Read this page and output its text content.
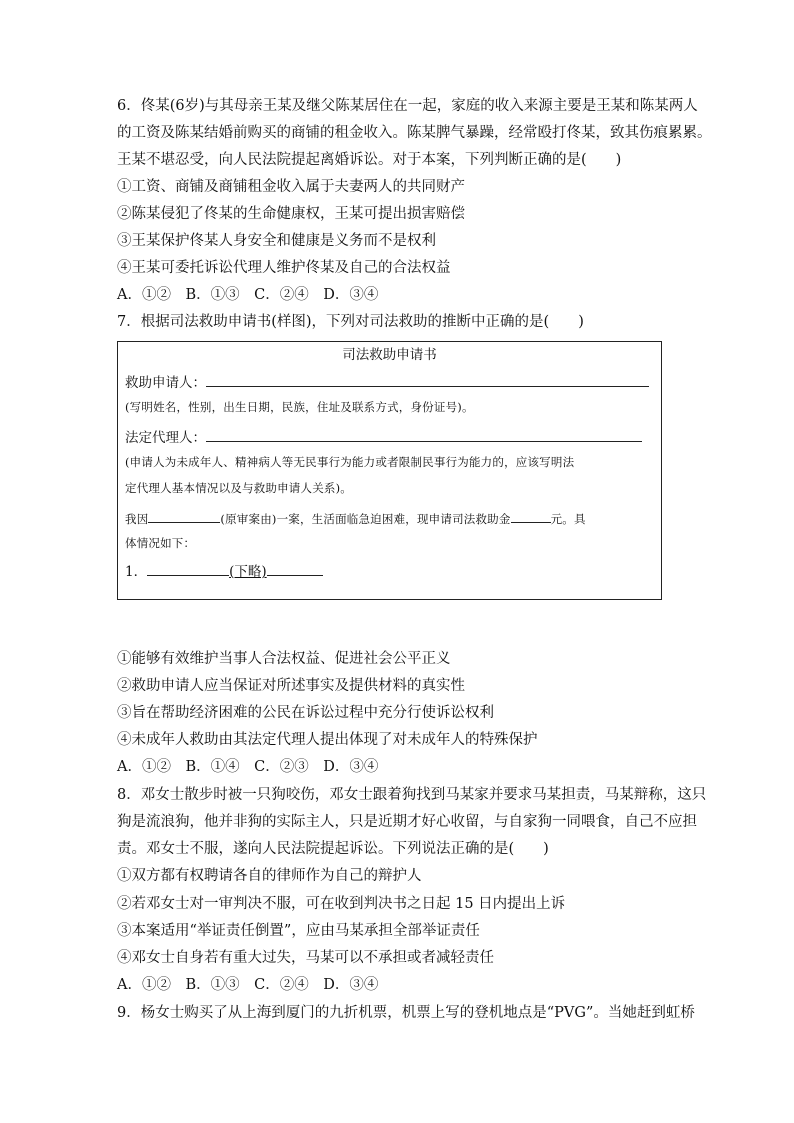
6．佟某(6岁)与其母亲王某及继父陈某居住在一起，家庭的收入来源主要是王某和陈某两人
的工资及陈某结婚前购买的商铺的租金收入。陈某脾气暴躁，经常殴打佟某，致其伤痕累累。
王某不堪忍受，向人民法院提起离婚诉讼。对于本案，下列判断正确的是(　　)
①工资、商铺及商铺租金收入属于夫妻两人的共同财产
②陈某侵犯了佟某的生命健康权，王某可提出损害赔偿
③王某保护佟某人身安全和健康是义务而不是权利
④王某可委托诉讼代理人维护佟某及自己的合法权益
A．①②　B．①③　C．②④　D．③④
7．根据司法救助申请书(样图)，下列对司法救助的推断中正确的是(　　)
司法救助申请书
救助申请人：
(写明姓名，性别，出生日期，民族，住址及联系方式，身份证号)。
法定代理人：
(申请人为未成年人、精神病人等无民事行为能力或者限制民事行为能力的，应该写明法
定代理人基本情况以及与救助申请人关系)。
我因	(原审案由)一案，生活面临急迫困难，现申请司法救助金	元。具
体情况如下：
1．	(下略)
①能够有效维护当事人合法权益、促进社会公平正义
②救助申请人应当保证对所述事实及提供材料的真实性
③旨在帮助经济困难的公民在诉讼过程中充分行使诉讼权利
④未成年人救助由其法定代理人提出体现了对未成年人的特殊保护
A．①②　B．①④　C．②③　D．③④
8．邓女士散步时被一只狗咬伤，邓女士跟着狗找到马某家并要求马某担责，马某辩称，这只
狗是流浪狗，他并非狗的实际主人，只是近期才好心收留，与自家狗一同喂食，自己不应担
责。邓女士不服，遂向人民法院提起诉讼。下列说法正确的是(　　)
①双方都有权聘请各自的律师作为自己的辩护人
②若邓女士对一审判决不服，可在收到判决书之日起 15 日内提出上诉
③本案适用“举证责任倒置”，应由马某承担全部举证责任
④邓女士自身若有重大过失，马某可以不承担或者减轻责任
A．①②　B．①③　C．②④　D．③④
9．杨女士购买了从上海到厦门的九折机票，机票上写的登机地点是“PVG”。当她赶到虹桥
